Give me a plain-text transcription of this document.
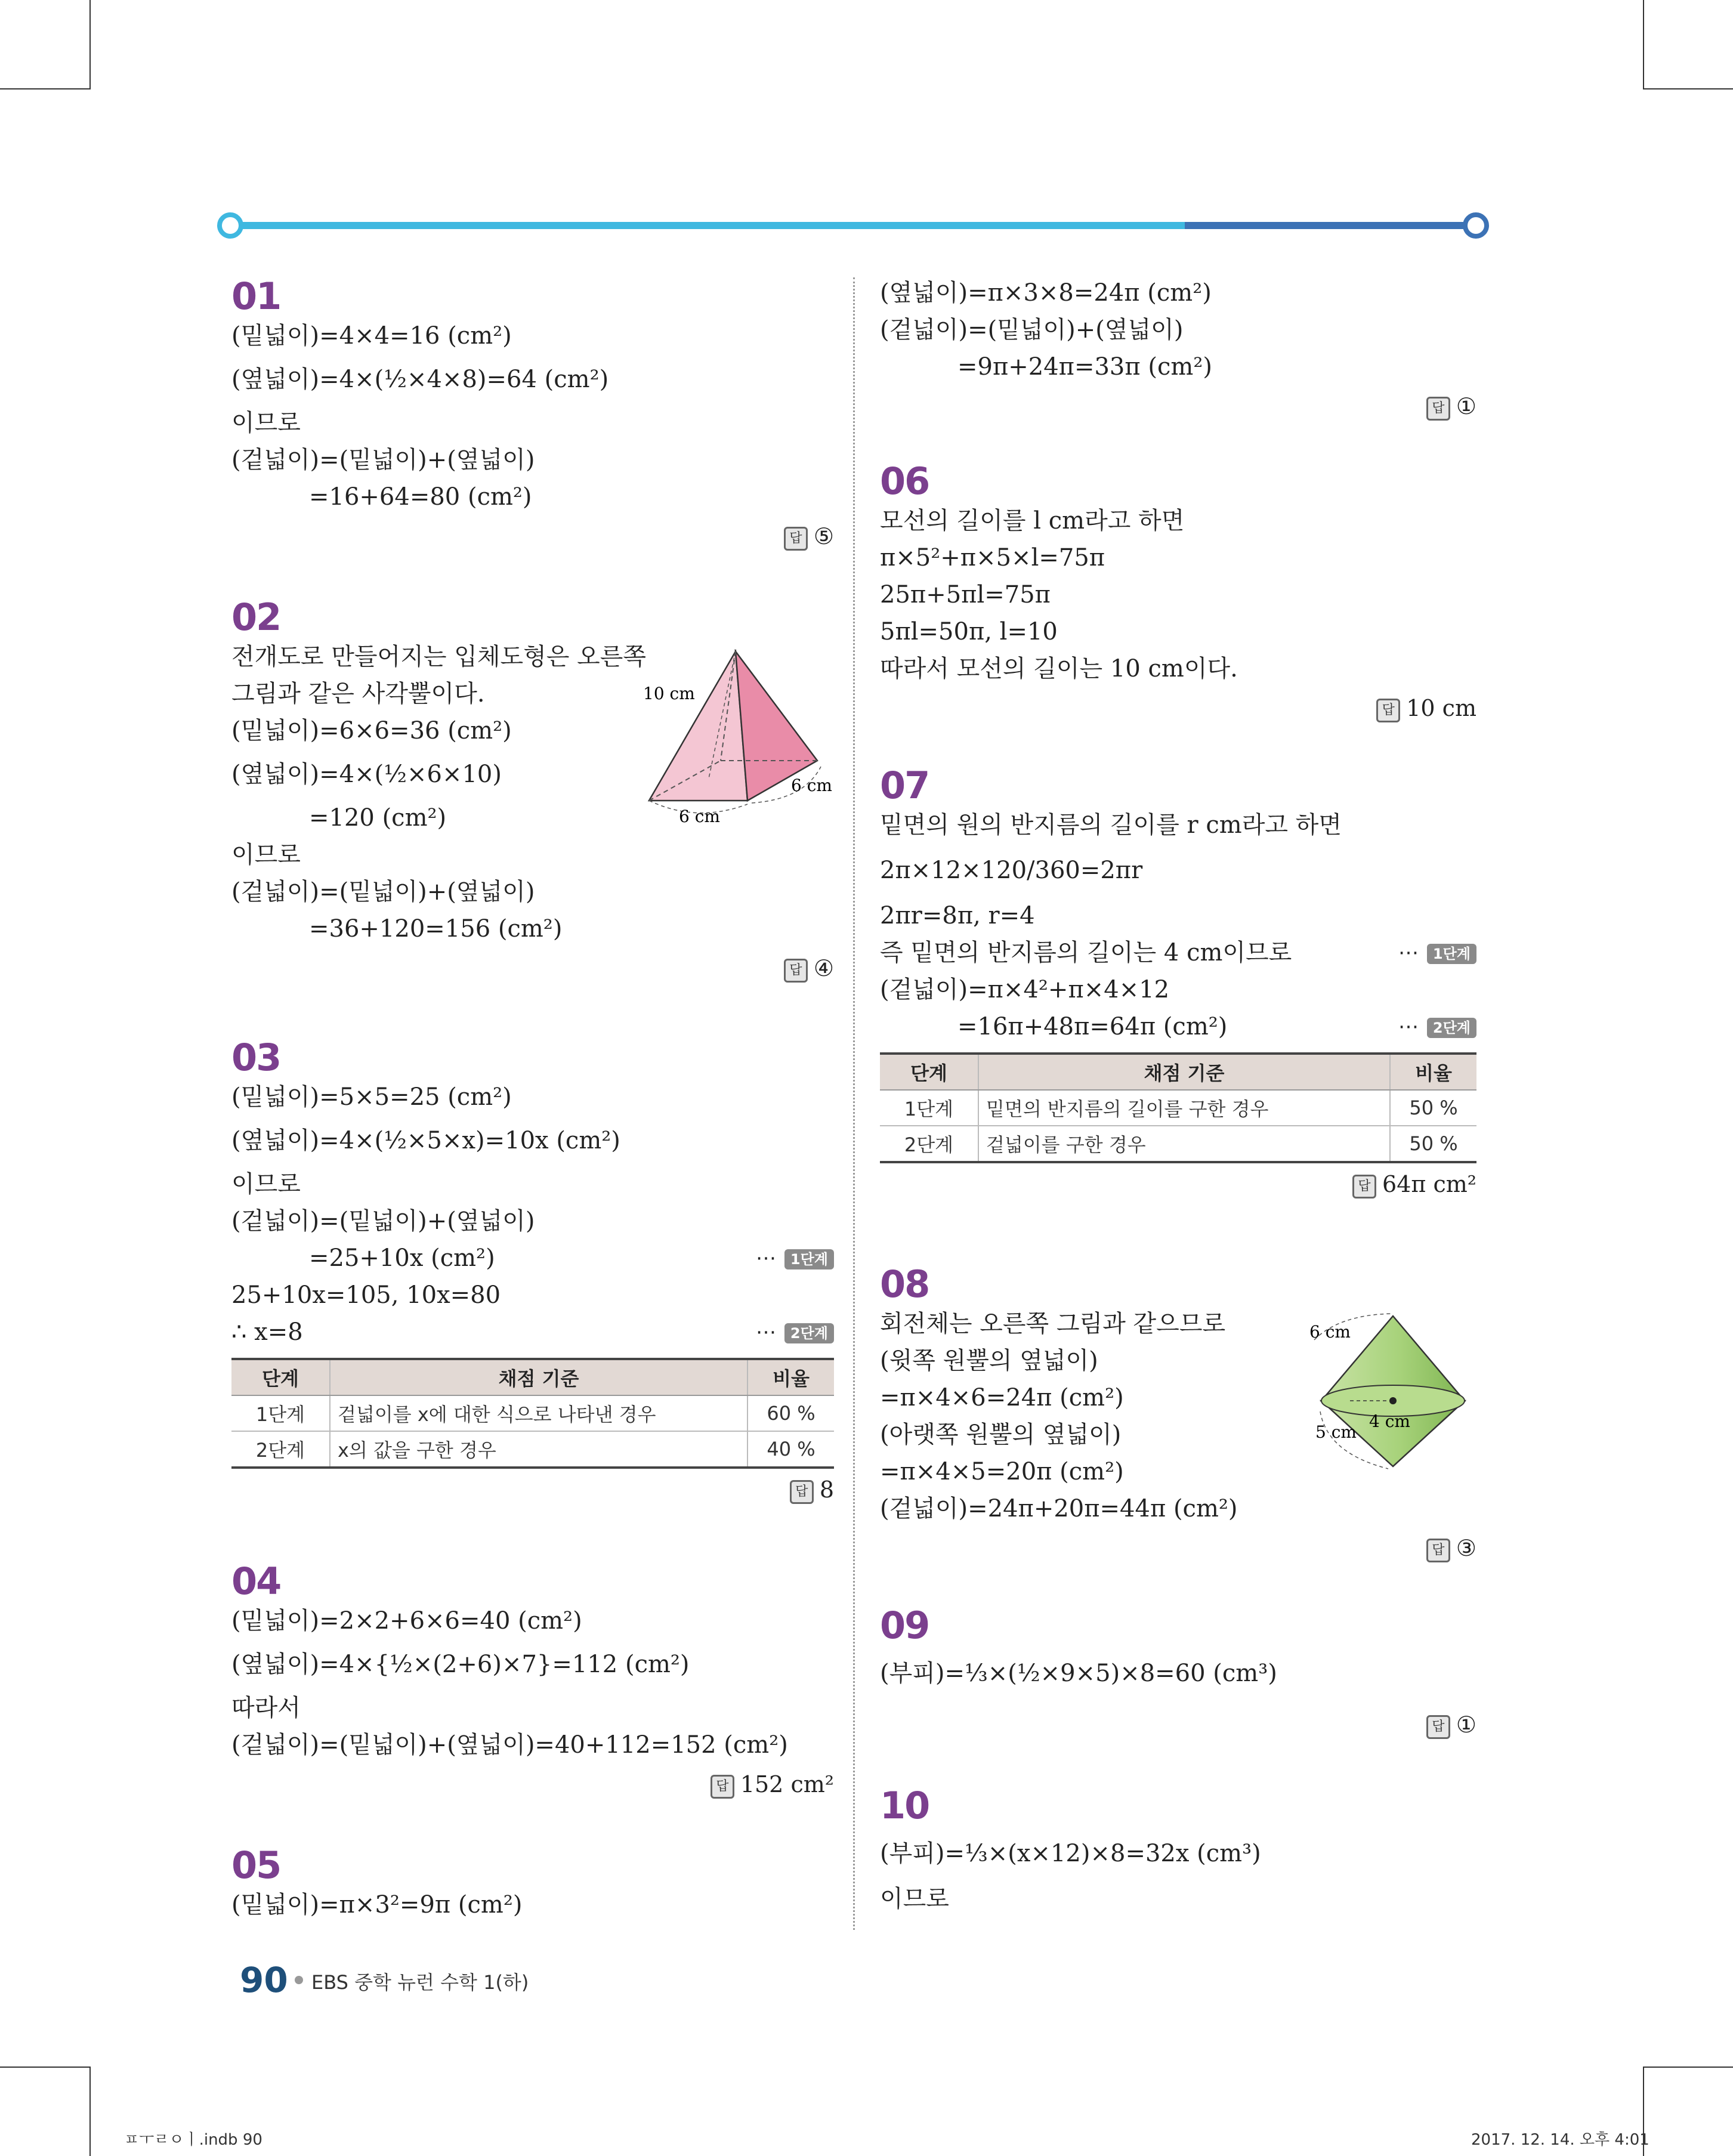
01
(밑넓이)=4×4=16 (cm²)
(옆넓이)=4×(½×4×8)=64 (cm²)
이므로
(겉넓이)=(밑넓이)+(옆넓이)
=16+64=80 (cm²)
답 ⑤
02
전개도로 만들어지는 입체도형은 오른쪽
그림과 같은 사각뿔이다.
(밑넓이)=6×6=36 (cm²)
(옆넓이)=4×(½×6×10)
=120 (cm²)
이므로
(겉넓이)=(밑넓이)+(옆넓이)
=36+120=156 (cm²)
답 ④
10 cm
6 cm
6 cm
03
(밑넓이)=5×5=25 (cm²)
(옆넓이)=4×(½×5×x)=10x (cm²)
이므로
(겉넓이)=(밑넓이)+(옆넓이)
=25+10x (cm²)	⋯ 1단계
25+10x=105, 10x=80
∴ x=8	⋯ 2단계
단계	채점 기준	비율
1단계	겉넓이를 x에 대한 식으로 나타낸 경우	60 %
2단계	x의 값을 구한 경우	40 %
답 8
04
(밑넓이)=2×2+6×6=40 (cm²)
(옆넓이)=4×{½×(2+6)×7}=112 (cm²)
따라서
(겉넓이)=(밑넓이)+(옆넓이)=40+112=152 (cm²)
답 152 cm²
05
(밑넓이)=π×3²=9π (cm²)
(옆넓이)=π×3×8=24π (cm²)
(겉넓이)=(밑넓이)+(옆넓이)
=9π+24π=33π (cm²)
답 ①
06
모선의 길이를 l cm라고 하면
π×5²+π×5×l=75π
25π+5πl=75π
5πl=50π, l=10
따라서 모선의 길이는 10 cm이다.
답 10 cm
07
밑면의 원의 반지름의 길이를 r cm라고 하면
2π×12×120/360=2πr
2πr=8π, r=4
즉 밑면의 반지름의 길이는 4 cm이므로	⋯ 1단계
(겉넓이)=π×4²+π×4×12
=16π+48π=64π (cm²)	⋯ 2단계
단계	채점 기준	비율
1단계	밑면의 반지름의 길이를 구한 경우	50 %
2단계	겉넓이를 구한 경우	50 %
답 64π cm²
08
회전체는 오른쪽 그림과 같으므로
(윗쪽 원뿔의 옆넓이)
=π×4×6=24π (cm²)
(아랫쪽 원뿔의 옆넓이)
=π×4×5=20π (cm²)
(겉넓이)=24π+20π=44π (cm²)
답 ③
6 cm
4 cm
5 cm
09
(부피)=⅓×(½×9×5)×8=60 (cm³)
답 ①
10
(부피)=⅓×(x×12)×8=32x (cm³)
이므로
90 EBS 중학 뉴런 수학 1(하)
ㅍㅜㄹㅇㅣ.indb 90	2017. 12. 14. 오후 4:01
